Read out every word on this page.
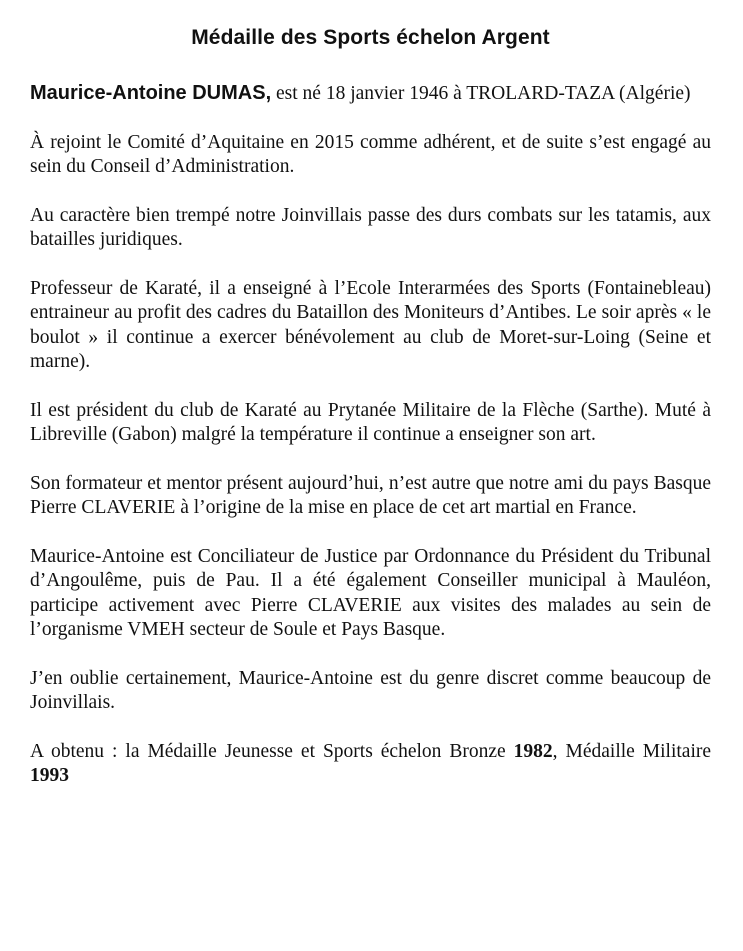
Médaille des Sports échelon Argent

Maurice-Antoine DUMAS, est né 18 janvier 1946 à TROLARD-TAZA (Algérie)

À rejoint le Comité d’Aquitaine en 2015 comme adhérent, et de suite s’est engagé au sein du Conseil d’Administration.

Au caractère bien trempé notre Joinvillais passe des durs combats sur les tatamis, aux batailles juridiques.

Professeur de Karaté, il a enseigné à l’Ecole Interarmées des Sports (Fontainebleau) entraineur au profit des cadres du Bataillon des Moniteurs d’Antibes. Le soir après « le boulot » il continue a exercer bénévolement au club de Moret-sur-Loing (Seine et marne).

Il est président du club de Karaté au Prytanée Militaire de la Flèche (Sarthe). Muté à Libreville (Gabon) malgré la température il continue a enseigner son art.

Son formateur et mentor présent aujourd’hui, n’est autre que notre ami du pays Basque Pierre CLAVERIE à l’origine de la mise en place de cet art martial en France.

Maurice-Antoine est Conciliateur de Justice par Ordonnance du Président du Tribunal d’Angoulême, puis de Pau. Il a été également Conseiller municipal à Mauléon, participe activement avec Pierre CLAVERIE aux visites des malades au sein de l’organisme VMEH secteur de Soule et Pays Basque.

J’en oublie certainement, Maurice-Antoine est du genre discret comme beaucoup de Joinvillais.

A obtenu : la Médaille Jeunesse et Sports échelon Bronze 1982, Médaille Militaire 1993
